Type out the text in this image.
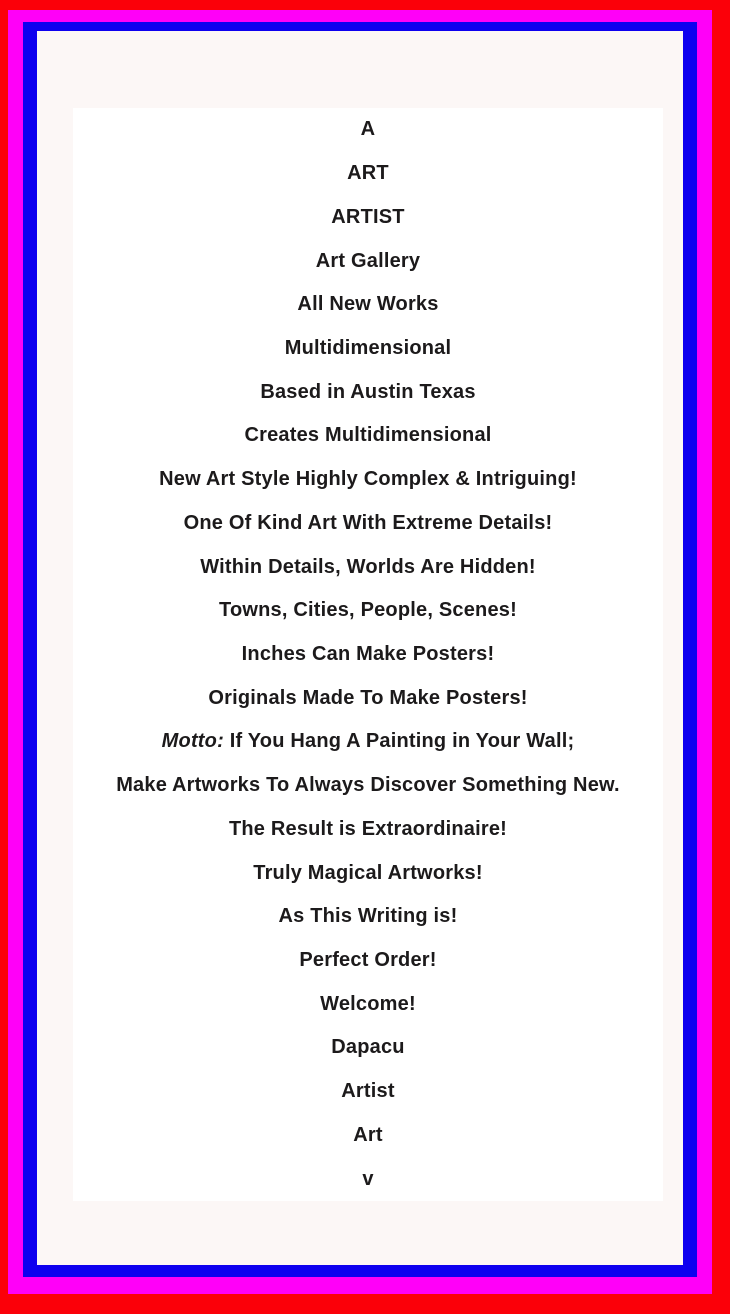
A
ART
ARTIST
Art Gallery
All New Works
Multidimensional
Based in Austin Texas
Creates Multidimensional
New Art Style Highly Complex & Intriguing!
One Of Kind Art With Extreme Details!
Within Details, Worlds Are Hidden!
Towns, Cities, People, Scenes!
Inches Can Make Posters!
Originals Made To Make Posters!
Motto: If You Hang A Painting in Your Wall;
Make Artworks To Always Discover Something New.
The Result is Extraordinaire!
Truly Magical Artworks!
As This Writing is!
Perfect Order!
Welcome!
Dapacu
Artist
Art
v
